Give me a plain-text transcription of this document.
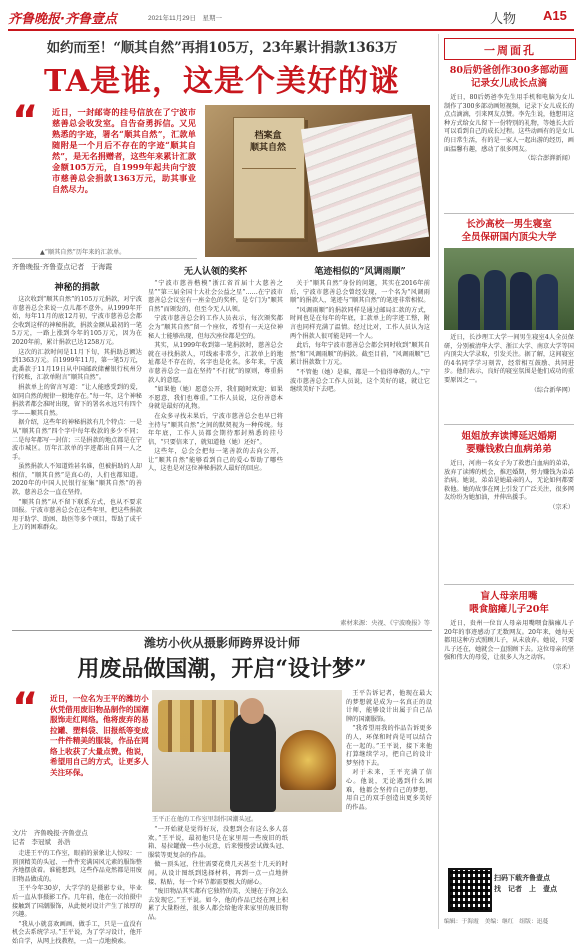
齐鲁晚报·齐鲁壹点	2021年11月29日　星期一	人物 A15
如约而至！“顺其自然”再捐105万，23年累计捐款1363万
TA是谁，这是个美好的谜
“ 近日，一封邮寄的挂号信放在了宁波市慈善总会收发室。自告奋勇拆信。又见熟悉的字迹，署名“顺其自然”，汇款单随附是一个月后不存在的字迹“顺其自然”，是无名捐赠者，这些年来累计汇款金额105万元，自1999年起共向宁波市慈善总会捐款1363万元，助其事业自然尽力。
档案盒
顺其自然
▲“顺其自然”历年来的汇款单。
齐鲁晚报·齐鲁壹点记者　于海霞
神秘的捐款

这次收到“顺其自然”的105万元捐款，对宁波市慈善总会来说一点儿都不意外。从1999年开始，每年11月的底12月初，宁波市慈善总会都会收到这样的神秘捐款，捐款金额从最初的一笔5万元，一路上涨到今年的105万元，因为在2020年前，累计捐款已达1258万元。

这次的汇款时间是11月下旬，其捐助总额达到1363万元。自1999年11月，第一笔5万元，此番款于11月19日从中国邮政储蓄银行杭州分行转账，汇款单附言“顺其自然”。

捐款单上的留言写道：“让人能感受到的爱，如同自然的规律一般地存在。”每一年，这个神秘捐款者都会准时出现，留下的署名永远只有四个字——顺其自然。

据介绍，这些年的神秘捐款有几个特点：一是从“顺其自然”四个字中每年收款的多少不同；二是每年都写一封信；三是捐款的地点都是在宁波市城区。历年汇款单的字迹都出自同一人之手。

虽然捐款人不知道姓甚名谁，但被捐助的人却相信，“顺其自然”是真心的，人们也都知道。2020年的中国人民银行征集“顺其自然”的善款，慈善总会一直在坚持。

“顺其自然”从不留下联系方式，也从不要求回报。宁波市慈善总会在这些年里，把这些捐款用于助学、助困、助医等多个项目，帮助了成千上万的困难群众。

无人认领的奖杯

“宁波市慈善楷模”浙江省首届十大慈善之星”“第三届全国十大社会公益之星”……在宁波市慈善总会议室有一座金色的奖杯，是专门为“顺其自然”而颁发的，但至今无人认领。

宁波市慈善总会的工作人员表示，每次颁奖都会为“顺其自然”留一个座位，希望有一天这位神秘人士能够出现，但每次座位都是空的。

其实，从1999年收到第一笔捐款时，慈善总会就在寻找捐款人，可线索非常少，汇款单上的地址都是不存在的，名字也是化名。多年来，宁波市慈善总会一直在坚持“不打扰”的原则，尊重捐款人的意愿。

“如果他（她）愿意公开，我们随时欢迎；如果不愿意，我们也尊重。”工作人员说，这份善意本身就是最好的礼物。

在众多寻找未果后，宁波市慈善总会也早已将主持与“顺其自然”之间的默契视为一种传统。每年年底，工作人员都会期待那封熟悉的挂号信，“只要信来了，就知道他（她）还好”。

这些年，总会会把每一笔善款的去向公开，让“顺其自然”能够看到自己的爱心帮助了哪些人，这也是对这位神秘捐款人最好的回应。

笔迹相似的“风调雨顺”

关于“顺其自然”身份的问题，其实在2016年前后，宁波市慈善总会曾经发现，一个名为“风调雨顺”的捐款人，笔迹与“顺其自然”的笔迹非常相似。

“风调雨顺”的捐款同样是通过邮局汇款的方式，时间也是在每年的年底，汇款单上的字迹工整，附言也同样充满了温情。经过比对，工作人员认为这两个捐款人很可能是同一个人。

此后，每年宁波市慈善总会都会同时收到“顺其自然”和“风调雨顺”的捐款。截至目前，“风调雨顺”已累计捐款数十万元。

“不管他（她）是谁，都是一个值得尊敬的人。”宁波市慈善总会工作人员说，这个美好的谜，就让它继续美好下去吧。

素材来源：央视、《宁波晚报》等
潍坊小伙从摄影师跨界设计师
用废品做国潮，开启“设计梦”
“ 近日，一位名为王平的潍坊小伙凭借用废旧物品制作的国潮服饰走红网络。他将废弃的易拉罐、塑料袋、旧报纸等变成一件件精美的服装，作品在网络上收获了大量点赞。他说，希望用自己的方式，让更多人关注环保。
王平正在他的工作室里制作国潮头冠。
文/片　齐鲁晚报·齐鲁壹点
记者　李冠斌　孙浩

走进王平的工作室，眼前的景象让人惊叹：一顶顶精美的头冠、一件件充满国风元素的服饰整齐地摆放着。谁能想到，这些作品竟然都是用废旧物品做成的。

王平今年30岁，大学学的是摄影专业，毕业后一直从事摄影工作。几年前，他在一次拍摄中接触到了国潮服饰，从此便对设计产生了浓厚的兴趣。

“我从小就喜欢画画、做手工，只是一直没有机会去系统学习。”王平说，为了学习设计，他开始自学，从网上找教程，一点一点地摸索。

“一开始就是觉得好玩，没想到会有这么多人喜欢。”王平说，最初他只是在家里用一些废旧的纸箱、易拉罐做一些小玩意，后来慢慢尝试做头冠、服装等更复杂的作品。

做一顶头冠，往往需要花费几天甚至十几天的时间。从设计图纸到选择材料，再到一点一点地拼接、粘贴，每一个环节都需要极大的耐心。

“废旧物品其实都有它独特的美，关键在于你怎么去发现它。”王平说。如今，他的作品已经在网上积累了大量粉丝，很多人都会给他寄来家里的废旧物品。

王平告诉记者，他现在最大的梦想就是成为一名真正的设计师，能够设计出属于自己品牌的国潮服饰。

“我希望用我的作品告诉更多的人，环保和时尚是可以结合在一起的。”王平说，接下来他打算继续学习，把自己的设计梦坚持下去。

对于未来，王平充满了信心。他说，无论遇到什么困难，他都会坚持自己的梦想，用自己的双手创造出更多美好的作品。

一周面孔
80后奶爸创作300多部动画
记录女儿成长点滴

近日，80后奶爸李先生用手机和电脑为女儿制作了300多部动画短视频，记录下女儿成长的点点滴滴，引来网友点赞。李先生说，他想用这种方式给女儿留下一份特别的礼物，等她长大后可以看到自己的成长过程。这些动画有的是女儿的日常生活，有的是一家人一起出游的经历，画面温馨有趣，感动了很多网友。

（综合澎湃新闻）

长沙高校一男生寝室
全员保研国内顶尖大学

近日，长沙理工大学一间男生寝室4人全员保研，分别被清华大学、浙江大学、南京大学等国内顶尖大学录取，引发关注。据了解，这间寝室的4名同学学习刻苦，经常相互鼓励、共同进步。他们表示，良好的寝室氛围是他们成功的重要原因之一。

（综合新华网）

姐姐放弃读博延迟婚期
要赚钱救白血病弟弟

近日，河南一名女子为了救患白血病的弟弟，放弃了读博的机会，推迟婚期，努力赚钱为弟弟治病。她说，弟弟是她最亲的人，无论如何都要救他。她的故事在网上引发了广泛关注，很多网友纷纷为她加油，并伸出援手。

（宗禾）

盲人母亲用嘴
喂食脑瘫儿子20年

近日，贵州一位盲人母亲用嘴喂食脑瘫儿子20年的事迹感动了无数网友。20年来，她每天都用这种方式照顾儿子，从未放弃。她说，只要儿子还在，她就会一直照顾下去。这位母亲的坚强和伟大的母爱，让很多人为之动容。

（宗禾）

扫码下载齐鲁壹点
找　记者　上　壹点
编辑：于海霞　美编：继红　组版：迅蔓
